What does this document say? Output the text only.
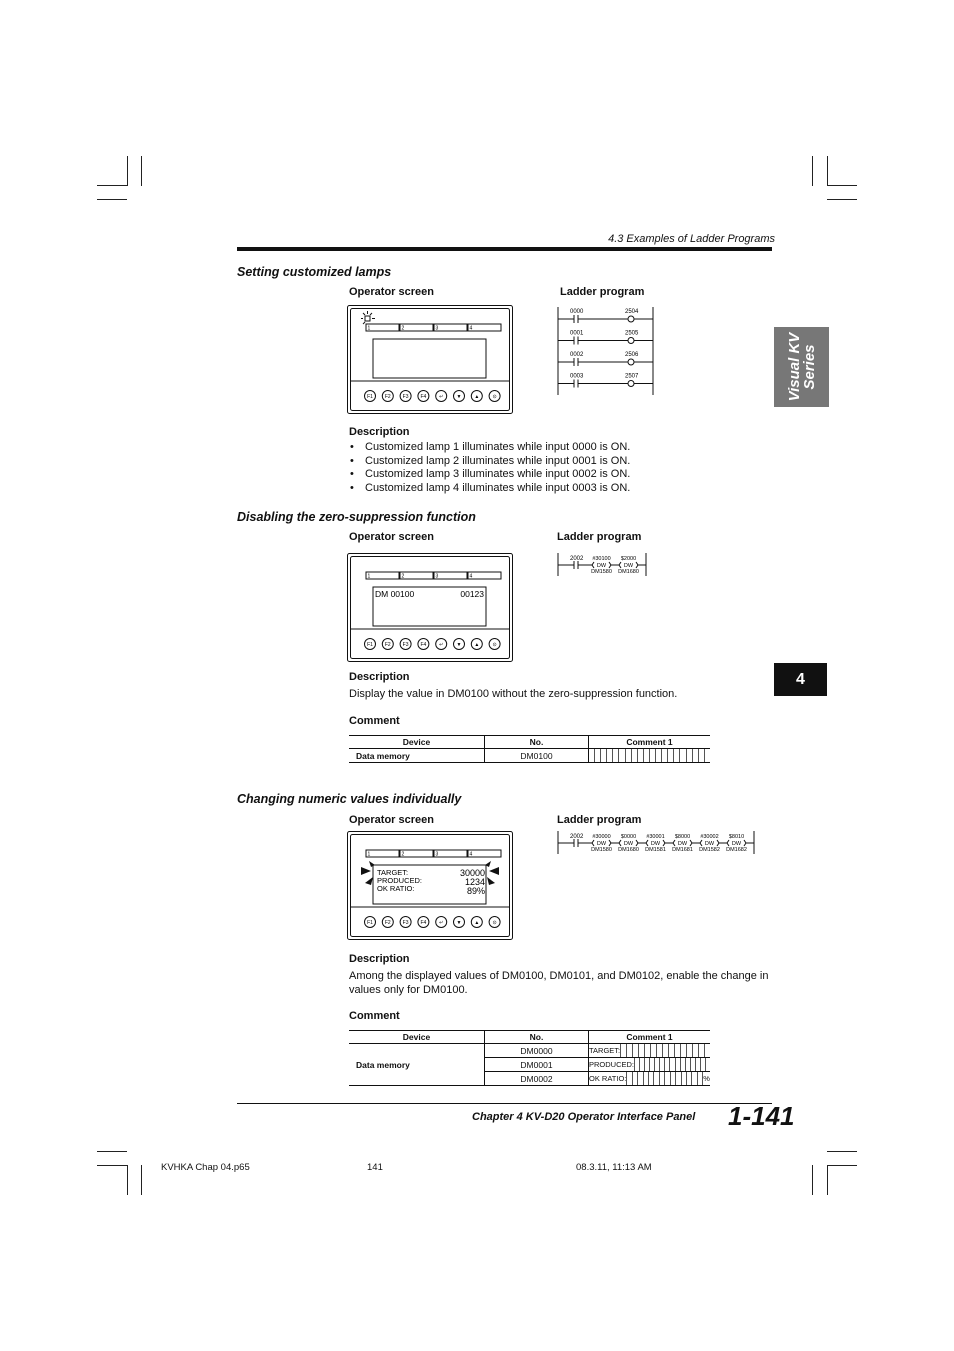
4.3 Examples of Ladder Programs
Visual KV
Series
4
Setting customized lamps
Operator screen	Ladder program
1	2	3	4
F1 F2 F3 F4	↵	▼	▲	⊙
0000	2504
0001	2505
0002	2506
0003	2507
Description
• Customized lamp 1 illuminates while input 0000 is ON.
• Customized lamp 2 illuminates while input 0001 is ON.
• Customized lamp 3 illuminates while input 0002 is ON.
• Customized lamp 4 illuminates while input 0003 is ON.
Disabling the zero-suppression function
Operator screen	Ladder program
1	2	3	4
DM 00100	00123
F1 F2 F3 F4	↵	▼	▲	⊙
2002 #30100
DW
DM1580
$2000
DW
DM1680
Description
Display the value in DM0100 without the zero-suppression function.
Comment
Device	No.	Comment 1
Data memory	DM0100	
Changing numeric values individually
Operator screen	Ladder program
1	2	3	4
TARGET:	30000
PRODUCED:	1234
OK RATIO:	89%
F1 F2 F3 F4	↵	▼	▲	⊙
2002 #30000
DW
DM1580
$0000
DW
DM1680
#30001
DW
DM1581
$8000
DW
DM1681
#30002
DW
DM1582
$8010
DW
DM1682
Description
Among the displayed values of DM0100, DM0101, and DM0102, enable the change in values only for DM0100.
Comment
Device	No.	Comment 1
Data memory	DM0000	TARGET:

	DM0001	PRODUCED:

	DM0002	OK RATIO: %
Chapter 4 KV-D20 Operator Interface Panel 1-141
KVHKA Chap 04.p65	141	08.3.11, 11:13 AM
